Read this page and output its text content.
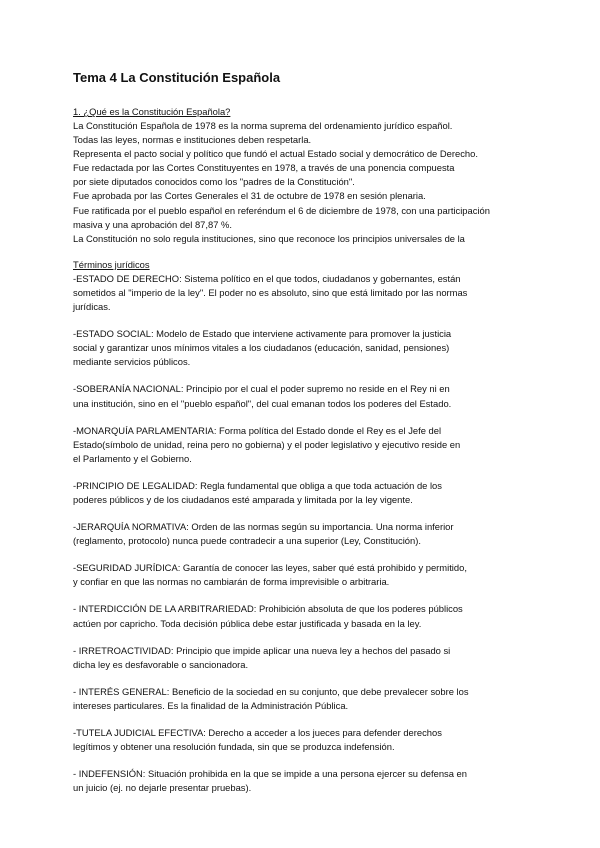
Tema 4 La Constitución Española

1. ¿Qué es la Constitución Española?

La Constitución Española de 1978 es la norma suprema del ordenamiento jurídico español.

Todas las leyes, normas e instituciones deben respetarla.

Representa el pacto social y político que fundó el actual Estado social y democrático de Derecho.

Fue redactada por las Cortes Constituyentes en 1978, a través de una ponencia compuesta

por siete diputados conocidos como los "padres de la Constitución".

Fue aprobada por las Cortes Generales el 31 de octubre de 1978 en sesión plenaria.

Fue ratificada por el pueblo español en referéndum el 6 de diciembre de 1978, con una participación

masiva y una aprobación del 87,87 %.

La Constitución no solo regula instituciones, sino que reconoce los principios universales de la

Términos jurídicos

-ESTADO DE DERECHO: Sistema político en el que todos, ciudadanos y gobernantes, están

sometidos al "imperio de la ley". El poder no es absoluto, sino que está limitado por las normas

jurídicas.

-ESTADO SOCIAL: Modelo de Estado que interviene activamente para promover la justicia

social y garantizar unos mínimos vitales a los ciudadanos (educación, sanidad, pensiones)

mediante servicios públicos.

-SOBERANÍA NACIONAL: Principio por el cual el poder supremo no reside en el Rey ni en

una institución, sino en el "pueblo español", del cual emanan todos los poderes del Estado.

-MONARQUÍA PARLAMENTARIA: Forma política del Estado donde el Rey es el Jefe del

Estado(símbolo de unidad, reina pero no gobierna) y el poder legislativo y ejecutivo reside en

el Parlamento y el Gobierno.

-PRINCIPIO DE LEGALIDAD: Regla fundamental que obliga a que toda actuación de los

poderes públicos y de los ciudadanos esté amparada y limitada por la ley vigente.

-JERARQUÍA NORMATIVA: Orden de las normas según su importancia. Una norma inferior

(reglamento, protocolo) nunca puede contradecir a una superior (Ley, Constitución).

-SEGURIDAD JURÍDICA: Garantía de conocer las leyes, saber qué está prohibido y permitido,

y confiar en que las normas no cambiarán de forma imprevisible o arbitraria.

- INTERDICCIÓN DE LA ARBITRARIEDAD: Prohibición absoluta de que los poderes públicos

actúen por capricho. Toda decisión pública debe estar justificada y basada en la ley.

- IRRETROACTIVIDAD: Principio que impide aplicar una nueva ley a hechos del pasado si

dicha ley es desfavorable o sancionadora.

- INTERÉS GENERAL: Beneficio de la sociedad en su conjunto, que debe prevalecer sobre los

intereses particulares. Es la finalidad de la Administración Pública.

-TUTELA JUDICIAL EFECTIVA: Derecho a acceder a los jueces para defender derechos

legítimos y obtener una resolución fundada, sin que se produzca indefensión.

- INDEFENSIÓN: Situación prohibida en la que se impide a una persona ejercer su defensa en

un juicio (ej. no dejarle presentar pruebas).
